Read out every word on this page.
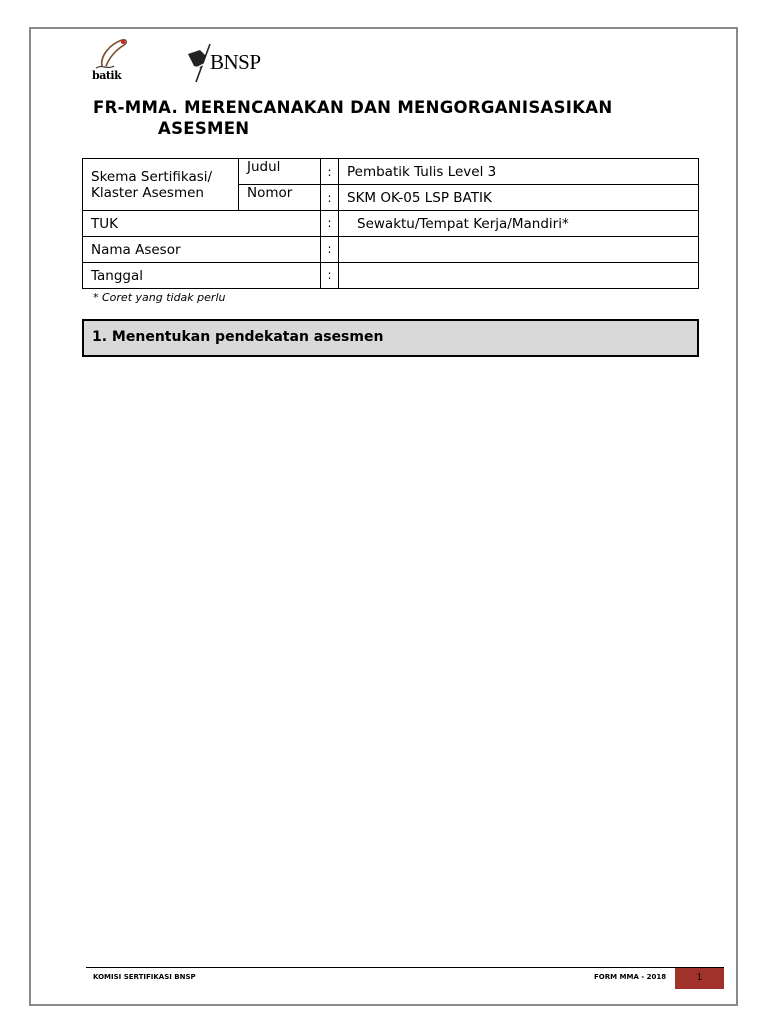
batik
BNSP
FR-MMA. MERENCANAKAN DAN MENGORGANISASIKAN
ASESMEN
Skema Sertifikasi/ Klaster Asesmen	Judul	:	Pembatik Tulis Level 3
	Nomor	:	SKM OK-05 LSP BATIK
TUK		:	Sewaktu/Tempat Kerja/Mandiri*
Nama Asesor		:	
Tanggal		:	
* Coret yang tidak perlu
1. Menentukan pendekatan asesmen
KOMISI SERTIFIKASI BNSP	FORM MMA - 2018	1
